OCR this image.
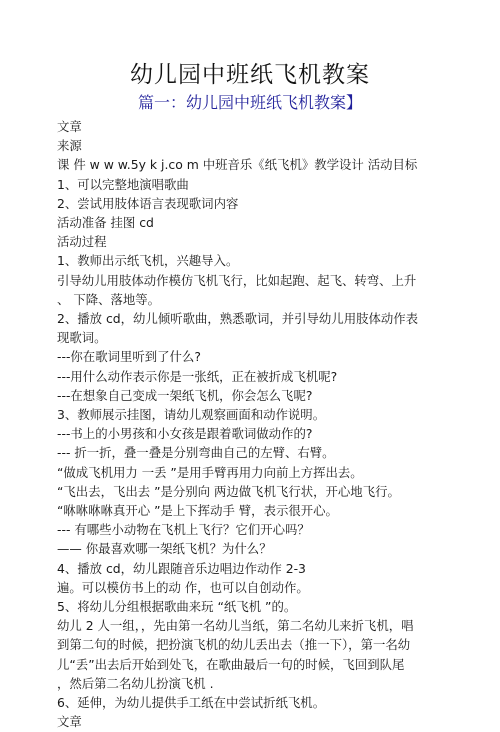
幼儿园中班纸飞机教案
篇一：幼儿园中班纸飞机教案】
文章
来源
课 件 w w w.5y k j.co m 中班音乐《纸飞机》教学设计 活动目标
1、可以完整地演唱歌曲
2、尝试用肢体语言表现歌词内容
活动准备 挂图 cd
活动过程
1、教师出示纸飞机，兴趣导入。
引导幼儿用肢体动作模仿飞机飞行，比如起跑、起飞、转弯、上升
、 下降、落地等。
2、播放 cd，幼儿倾听歌曲，熟悉歌词，并引导幼儿用肢体动作表
现歌词。
---你在歌词里听到了什么?
---用什么动作表示你是一张纸，正在被折成飞机呢?
---在想象自己变成一架纸飞机，你会怎么飞呢?
3、教师展示挂图，请幼儿观察画面和动作说明。
---书上的小男孩和小女孩是跟着歌词做动作的?
--- 折一折，叠一叠是分别弯曲自己的左臂、右臂。
“做成飞机用力 一丢 ”是用手臂再用力向前上方挥出去。
“飞出去，飞出去 ”是分别向 两边做飞机飞行状，开心地飞行。
“咻咻咻咻真开心 ”是上下挥动手 臂，表示很开心。
--- 有哪些小动物在飞机上飞行？它们开心吗？
—— 你最喜欢哪一架纸飞机？为什么？
4、播放 cd，幼儿跟随音乐边唱边作动作 2-3
遍。可以模仿书上的动 作，也可以自创动作。
5、将幼儿分组根据歌曲来玩 “纸飞机 ”的。
幼儿 2 人一组，，先由第一名幼儿当纸，第二名幼儿来折飞机，唱
到第二句的时候，把扮演飞机的幼儿丢出去（推一下），第一名幼
儿“丢”出去后开始到处飞，在歌曲最后一句的时候，飞回到队尾
，然后第二名幼儿扮演飞机 .
6、延伸，为幼儿提供手工纸在中尝试折纸飞机。
文章
